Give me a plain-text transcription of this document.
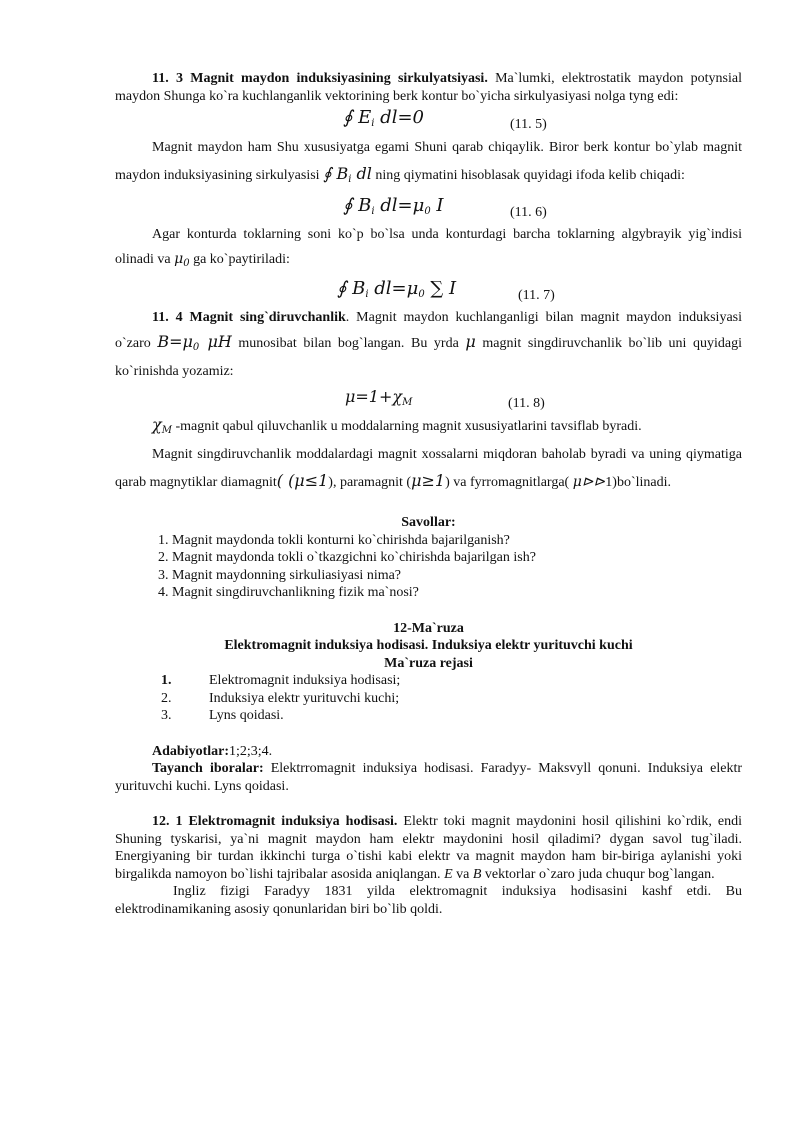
11. 3 Magnit maydon induksiyasining sirkulyatsiyasi. Ma`lumki, elektrostatik maydon potynsial maydon Shunga ko`ra kuchlanganlik vektorining berk kontur bo`yicha sirkulyasiyasi nolga tyng edi:

∮ $E_i$ dl=0	(11. 5)

Magnit maydon ham Shu xususiyatga egami Shuni qarab chiqaylik. Biror berk kontur bo`ylab magnit maydon induksiyasining sirkulyasisi ∮ $B_i$ dl ning qiymatini hisoblasak quyidagi ifoda kelib chiqadi:

∮ $B_i$ $dl=\mu_0$ I	(11. 6)

Agar konturda toklarning soni ko`p bo`lsa unda konturdagi barcha toklarning algybrayik yig`indisi olinadi va $\mu_0$ ga ko`paytiriladi:

∮ $B_i$ $dl=\mu_0$ ∑ I	(11. 7)

11. 4 Magnit sing`diruvchanlik. Magnit maydon kuchlanganligi bilan magnit maydon induksiyasi o`zaro $B=\mu_0$ μH munosibat bilan bog`langan. Bu yrda μ magnit singdiruvchanlik bo`lib uni quyidagi ko`rinishda yozamiz:

$\mu=1+\chi_M$	(11. 8)

$\chi_M$ -magnit qabul qiluvchanlik u moddalarning magnit xususiyatlarini tavsiflab byradi.

Magnit singdiruvchanlik moddalardagi magnit xossalarni miqdoran baholab byradi va uning qiymatiga qarab magnytiklar diamagnit( (μ≤1), paramagnit (μ≥1) va fyrromagnitlarga( μ⊳⊳1)bo`linadi.

Savollar:

1. Magnit maydonda tokli konturni ko`chirishda bajarilganish?
2. Magnit maydonda tokli o`tkazgichni ko`chirishda bajarilgan ish?
3. Magnit maydonning sirkuliasiyasi nima?
4. Magnit singdiruvchanlikning fizik ma`nosi?

12-Ma`ruza

Elektromagnit induksiya hodisasi. Induksiya elektr yurituvchi kuchi

Ma`ruza rejasi

1.	Elektromagnit induksiya hodisasi;
2.	Induksiya elektr yurituvchi kuchi;
3.	Lyns qoidasi.

Adabiyotlar:1;2;3;4.

Tayanch iboralar: Elektrromagnit induksiya hodisasi. Faradyy- Maksvyll qonuni. Induksiya elektr yurituvchi kuchi. Lyns qoidasi.

12. 1 Elektromagnit induksiya hodisasi. Elektr toki magnit maydonini hosil qilishini ko`rdik, endi Shuning tyskarisi, ya`ni magnit maydon ham elektr maydonini hosil qiladimi? dygan savol tug`iladi. Energiyaning bir turdan ikkinchi turga o`tishi kabi elektr va magnit maydon ham bir-biriga aylanishi yoki birgalikda namoyon bo`lishi tajribalar asosida aniqlangan. E va B vektorlar o`zaro juda chuqur bog`langan.

Ingliz fizigi Faradyy 1831 yilda elektromagnit induksiya hodisasini kashf etdi. Bu elektrodinamikaning asosiy qonunlaridan biri bo`lib qoldi.
